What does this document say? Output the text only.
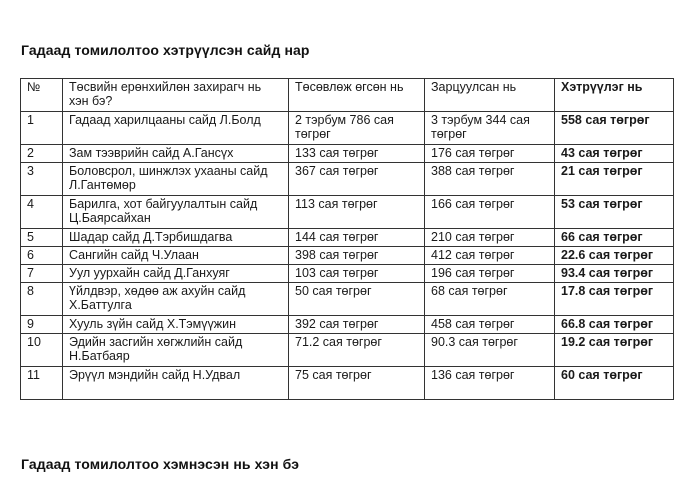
Гадаад томилолтоо хэтрүүлсэн сайд нар
№	Төсвийн ерөнхийлөн захирагч нь хэн бэ?	Төсөвлөж өгсөн нь	Зарцуулсан нь	Хэтрүүлэг нь
1	Гадаад харилцааны сайд Л.Болд	2 тэрбум 786 сая төгрөг	3 тэрбум 344 сая төгрөг	558 сая төгрөг
2	Зам тээврийн сайд А.Гансүх	133 сая төгрөг	176 сая төгрөг	43 сая төгрөг
3	Боловсрол, шинжлэх ухааны сайд Л.Гантөмөр	367 сая төгрөг	388 сая төгрөг	21 сая төгрөг
4	Барилга, хот байгуулалтын сайд Ц.Баярсайхан	113 сая төгрөг	166 сая төгрөг	53 сая төгрөг
5	Шадар сайд Д.Тэрбишдагва	144 сая төгрөг	210 сая төгрөг	66 сая төгрөг
6	Сангийн сайд Ч.Улаан	398 сая төгрөг	412 сая төгрөг	22.6 сая төгрөг
7	Уул уурхайн сайд Д.Ганхуяг	103 сая төгрөг	196 сая төгрөг	93.4 сая төгрөг
8	Үйлдвэр, хөдөө аж ахуйн сайд Х.Баттулга	50 сая төгрөг	68 сая төгрөг	17.8 сая төгрөг
9	Хууль зүйн сайд Х.Тэмүүжин	392 сая төгрөг	458 сая төгрөг	66.8 сая төгрөг
10	Эдийн засгийн хөгжлийн сайд Н.Батбаяр	71.2 сая төгрөг	90.3 сая төгрөг	19.2 сая төгрөг
11	Эрүүл мэндийн сайд Н.Удвал	75 сая төгрөг	136 сая төгрөг	60 сая төгрөг
Гадаад томилолтоо хэмнэсэн нь хэн бэ
